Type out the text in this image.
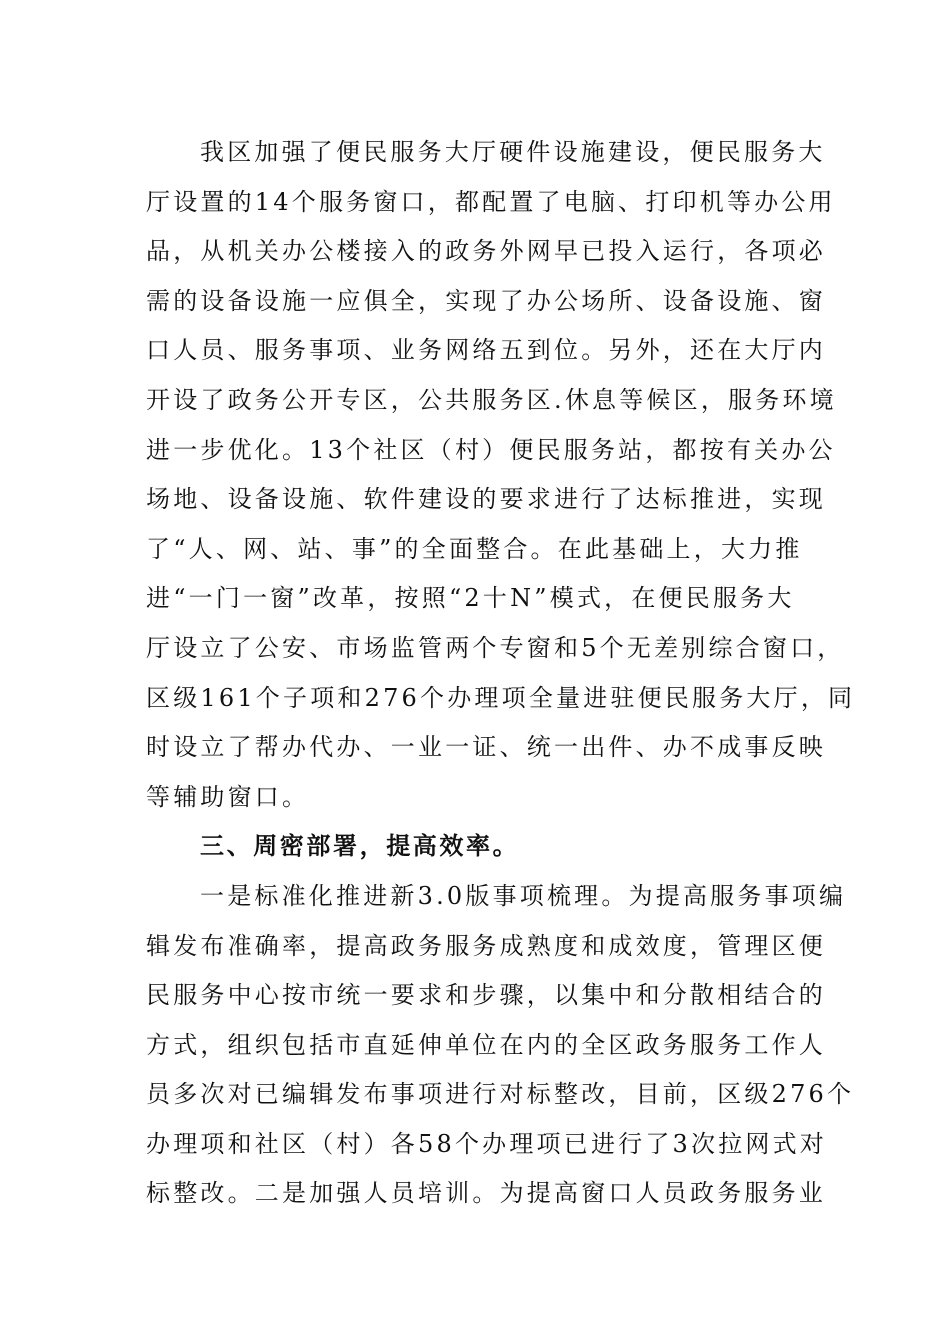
我区加强了便民服务大厅硬件设施建设，便民服务大
厅设置的14个服务窗口，都配置了电脑、打印机等办公用
品，从机关办公楼接入的政务外网早已投入运行，各项必
需的设备设施一应俱全，实现了办公场所、设备设施、窗
口人员、服务事项、业务网络五到位。另外，还在大厅内
开设了政务公开专区，公共服务区.休息等候区，服务环境
进一步优化。13个社区（村）便民服务站，都按有关办公
场地、设备设施、软件建设的要求进行了达标推进，实现
了“人、网、站、事”的全面整合。在此基础上，大力推
进“一门一窗”改革，按照“2十N”模式，在便民服务大
厅设立了公安、市场监管两个专窗和5个无差别综合窗口，
区级161个子项和276个办理项全量进驻便民服务大厅，同
时设立了帮办代办、一业一证、统一出件、办不成事反映
等辅助窗口。
三、周密部署，提高效率。
一是标准化推进新3.0版事项梳理。为提高服务事项编
辑发布准确率，提高政务服务成熟度和成效度，管理区便
民服务中心按市统一要求和步骤，以集中和分散相结合的
方式，组织包括市直延伸单位在内的全区政务服务工作人
员多次对已编辑发布事项进行对标整改，目前，区级276个
办理项和社区（村）各58个办理项已进行了3次拉网式对
标整改。二是加强人员培训。为提高窗口人员政务服务业
